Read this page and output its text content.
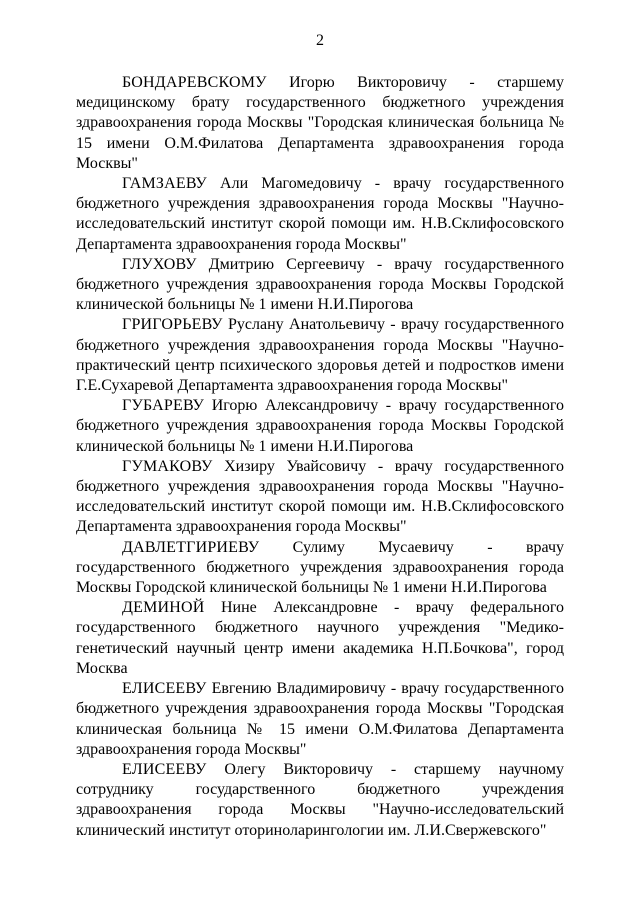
2

БОНДАРЕВСКОМУ Игорю Викторовичу - старшему медицинскому брату государственного бюджетного учреждения здравоохранения города Москвы "Городская клиническая больница № 15 имени О.М.Филатова Департамента здравоохранения города Москвы"

ГАМЗАЕВУ Али Магомедовичу - врачу государственного бюджетного учреждения здравоохранения города Москвы "Научно-исследовательский институт скорой помощи им. Н.В.Склифосовского Департамента здравоохранения города Москвы"

ГЛУХОВУ Дмитрию Сергеевичу - врачу государственного бюджетного учреждения здравоохранения города Москвы Городской клинической больницы № 1 имени Н.И.Пирогова

ГРИГОРЬЕВУ Руслану Анатольевичу - врачу государственного бюджетного учреждения здравоохранения города Москвы "Научно-практический центр психического здоровья детей и подростков имени Г.Е.Сухаревой Департамента здравоохранения города Москвы"

ГУБАРЕВУ Игорю Александровичу - врачу государственного бюджетного учреждения здравоохранения города Москвы Городской клинической больницы № 1 имени Н.И.Пирогова

ГУМАКОВУ Хизиру Увайсовичу - врачу государственного бюджетного учреждения здравоохранения города Москвы "Научно-исследовательский институт скорой помощи им. Н.В.Склифосовского Департамента здравоохранения города Москвы"

ДАВЛЕТГИРИЕВУ Сулиму Мусаевичу - врачу государственного бюджетного учреждения здравоохранения города Москвы Городской клинической больницы № 1 имени Н.И.Пирогова

ДЕМИНОЙ Нине Александровне - врачу федерального государственного бюджетного научного учреждения "Медико-генетический научный центр имени академика Н.П.Бочкова", город Москва

ЕЛИСЕЕВУ Евгению Владимировичу - врачу государственного бюджетного учреждения здравоохранения города Москвы "Городская клиническая больница № 15 имени О.М.Филатова Департамента здравоохранения города Москвы"

ЕЛИСЕЕВУ Олегу Викторовичу - старшему научному сотруднику государственного бюджетного учреждения здравоохранения города Москвы "Научно-исследовательский клинический институт оториноларингологии им. Л.И.Свержевского"
